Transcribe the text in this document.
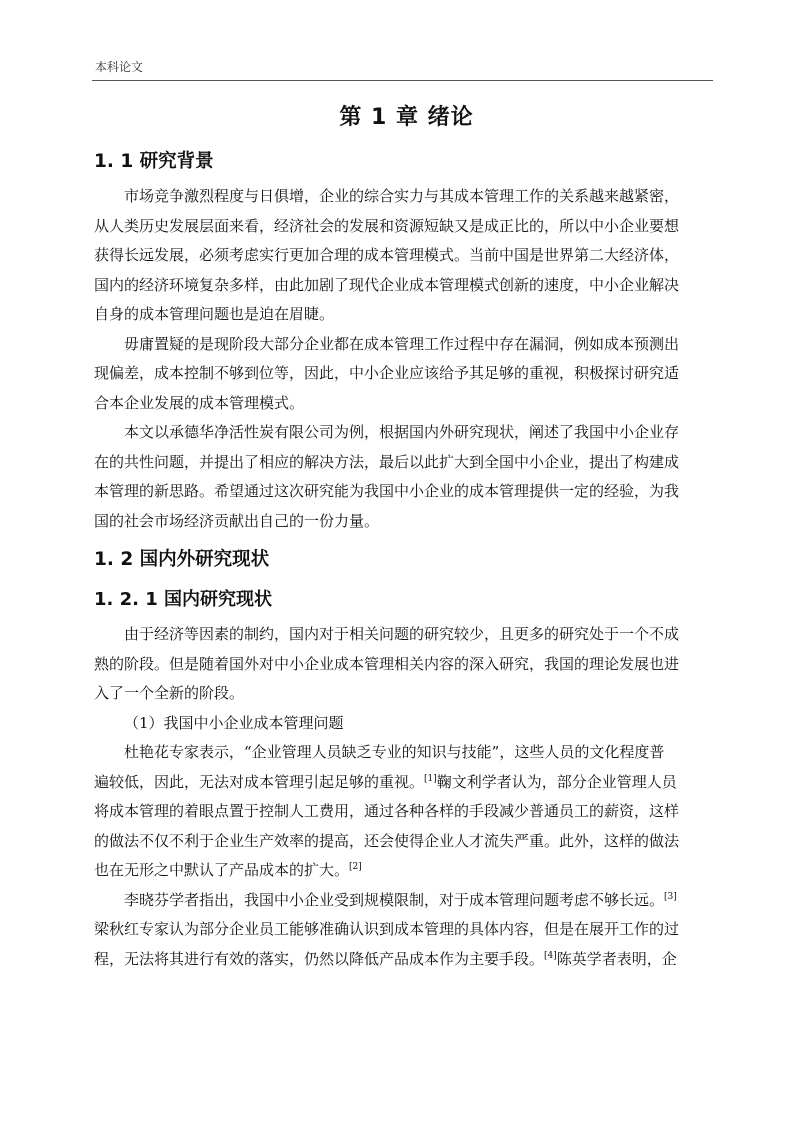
本科论文
第 1 章 绪论
1. 1 研究背景

市场竞争激烈程度与日俱增，企业的综合实力与其成本管理工作的关系越来越紧密，
从人类历史发展层面来看，经济社会的发展和资源短缺又是成正比的，所以中小企业要想
获得长远发展，必须考虑实行更加合理的成本管理模式。当前中国是世界第二大经济体，
国内的经济环境复杂多样，由此加剧了现代企业成本管理模式创新的速度，中小企业解决
自身的成本管理问题也是迫在眉睫。

毋庸置疑的是现阶段大部分企业都在成本管理工作过程中存在漏洞，例如成本预测出
现偏差，成本控制不够到位等，因此，中小企业应该给予其足够的重视，积极探讨研究适
合本企业发展的成本管理模式。

本文以承德华净活性炭有限公司为例，根据国内外研究现状，阐述了我国中小企业存
在的共性问题，并提出了相应的解决方法，最后以此扩大到全国中小企业，提出了构建成
本管理的新思路。希望通过这次研究能为我国中小企业的成本管理提供一定的经验，为我
国的社会市场经济贡献出自己的一份力量。

1. 2 国内外研究现状
1. 2. 1 国内研究现状

由于经济等因素的制约，国内对于相关问题的研究较少，且更多的研究处于一个不成
熟的阶段。但是随着国外对中小企业成本管理相关内容的深入研究，我国的理论发展也进
入了一个全新的阶段。

（1）我国中小企业成本管理问题

杜艳花专家表示，“企业管理人员缺乏专业的知识与技能”，这些人员的文化程度普
遍较低，因此，无法对成本管理引起足够的重视。[1]鞠文利学者认为，部分企业管理人员
将成本管理的着眼点置于控制人工费用，通过各种各样的手段减少普通员工的薪资，这样
的做法不仅不利于企业生产效率的提高，还会使得企业人才流失严重。此外，这样的做法
也在无形之中默认了产品成本的扩大。[2]

李晓芬学者指出，我国中小企业受到规模限制，对于成本管理问题考虑不够长远。[3]
梁秋红专家认为部分企业员工能够准确认识到成本管理的具体内容，但是在展开工作的过
程，无法将其进行有效的落实，仍然以降低产品成本作为主要手段。[4]陈英学者表明，企
